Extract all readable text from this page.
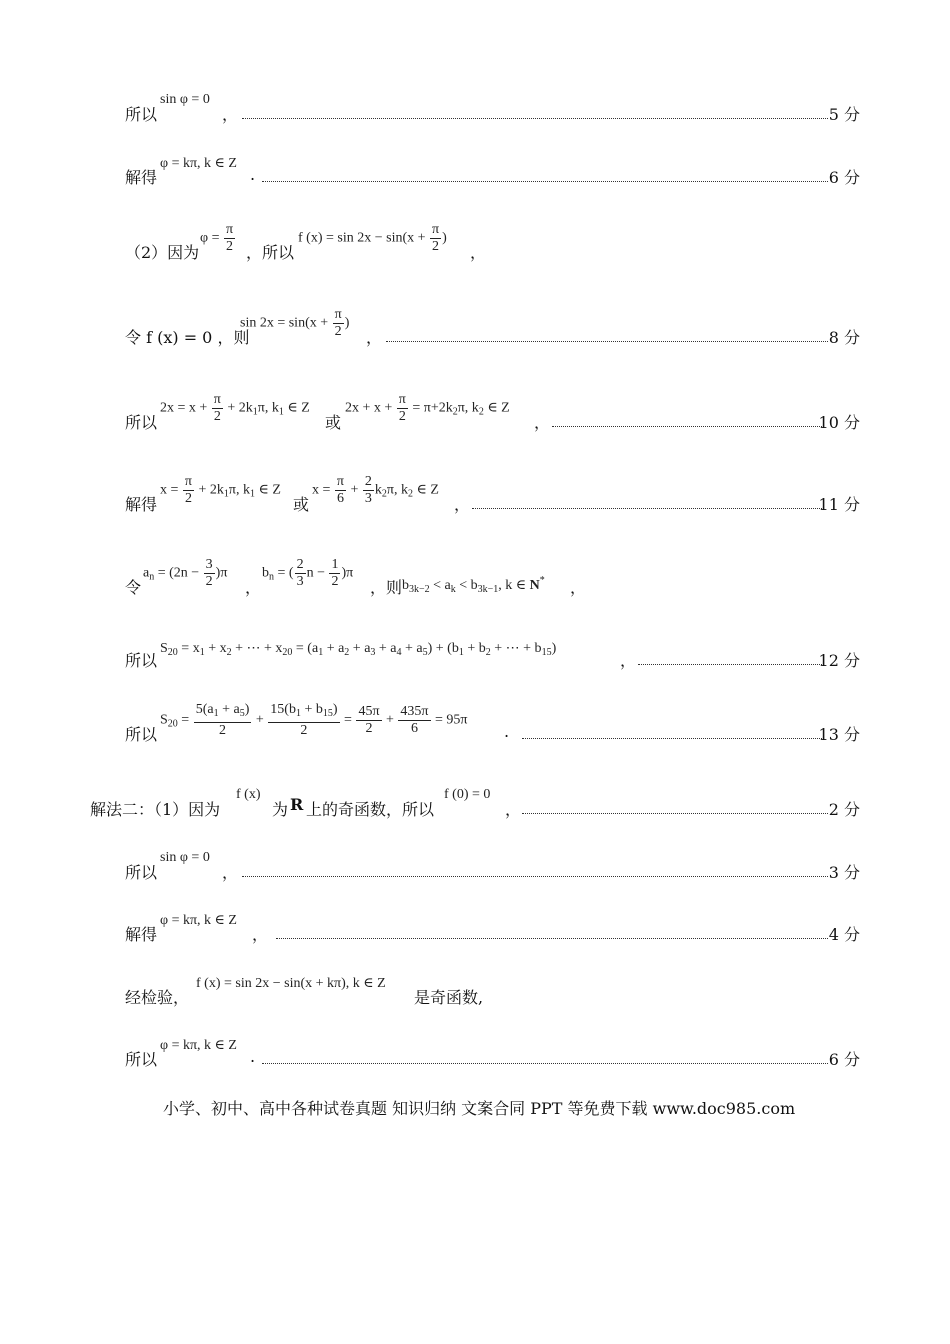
所以
sin φ = 0
，	5 分
解得
φ = kπ, k ∈ Z
.	6 分
（2）因为
$\varphi = \frac{\pi}{2}$ ，所以
f $(x) = \sin 2x - \sin(x + \frac{\pi}{2}$ )
，
令 f (x) = 0 ，则
$\sin 2x = \sin(x + \frac{\pi}{2}$ )
，	8 分
所以
$2x = x + \frac{\pi}{2} + 2k_1\pi$, $k_1$ ∈ Z
或
$2x + x + \frac{\pi}{2} = \pi+2k_2\pi$, $k_2$ ∈ Z
，	10 分
解得
$x = \frac{\pi}{2} + 2k_1\pi$, $k_1$ ∈ Z
或
$x = \frac{\pi}{6} + \frac{2}{3} k_2\pi$, $k_2$ ∈ Z
，	11 分
令
$a_n = (2n - \frac{3}{2} )\pi$
，
$b_n$ = ( $\frac{2}{3}$ $n - \frac{1}{2} )\pi$
，则 $b_{3k-2} < a_k < b_{3k-1}$, k ∈ N* ，
所以
$S_{20} = x_1 + x_2$ + ⋯ + $x_{20} = (a_1 + a_2 + a_3 + a_4 + a_5) + (b_1 + b_2$ + ⋯ + $b_{15}$)
，	12 分
所以
$S_{20} = \frac{5(a_1 + a_5)}{2} + \frac{15(b_1 + b_{15})}{2} = \frac{45\pi}{2} + \frac{435\pi}{6} = 95\pi$
.	13 分
解法二：（1）因为
f (x)
为 R 上的奇函数，所以
f (0) = 0
，	2 分
所以
sin φ = 0
，	3 分
解得
φ = kπ, k ∈ Z
，	4 分
经检验，
f (x) = sin 2x − sin(x + kπ), k ∈ Z
是奇函数,
所以
φ = kπ, k ∈ Z
.	6 分
小学、初中、高中各种试卷真题 知识归纳 文案合同 PPT 等免费下载 www.doc985.com
